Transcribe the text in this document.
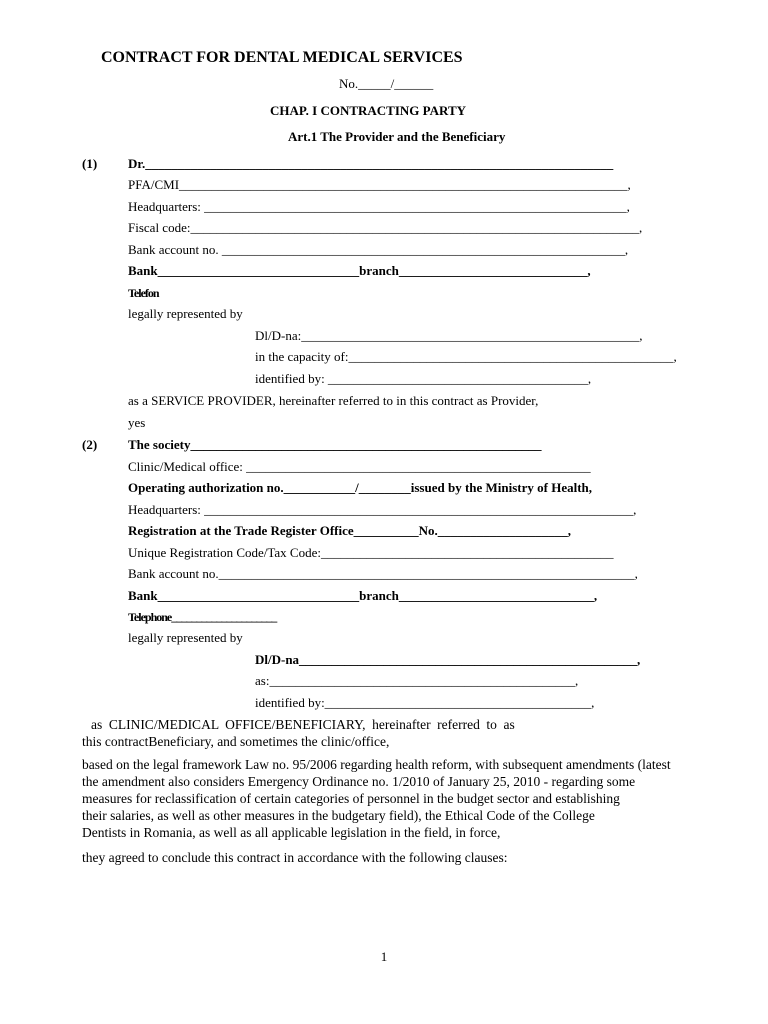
CONTRACT FOR DENTAL MEDICAL SERVICES
No._____/______
CHAP. I CONTRACTING PARTY
Art.1 The Provider and the Beneficiary
(1) Dr.________________________________________________________________________
PFA/CMI_____________________________________________________________________,
Headquarters: _________________________________________________________________,
Fiscal code:_____________________________________________________________________,
Bank account no. ______________________________________________________________,
Bank_______________________________branch_____________________________,
Telefon
legally represented by
Dl/D-na:____________________________________________________,
in the capacity of:__________________________________________________,
identified by: ________________________________________,
as a SERVICE PROVIDER, hereinafter referred to in this contract as Provider,
yes
(2) The society______________________________________________________
Clinic/Medical office: _____________________________________________________
Operating authorization no.___________/________issued by the Ministry of Health,
Headquarters: __________________________________________________________________,
Registration at the Trade Register Office__________No.____________________,
Unique Registration Code/Tax Code:_____________________________________________
Bank account no.________________________________________________________________,
Bank_______________________________branch______________________________,
Telephone_____________________
legally represented by
Dl/D-na____________________________________________________,
as:_______________________________________________,
identified by:_________________________________________,
as CLINIC/MEDICAL OFFICE/BENEFICIARY, hereinafter referred to as
this contractBeneficiary, and sometimes the clinic/office,
based on the legal framework Law no. 95/2006 regarding health reform, with subsequent amendments (latest
the amendment also considers Emergency Ordinance no. 1/2010 of January 25, 2010 - regarding some
measures for reclassification of certain categories of personnel in the budget sector and establishing
their salaries, as well as other measures in the budgetary field), the Ethical Code of the College
Dentists in Romania, as well as all applicable legislation in the field, in force,
they agreed to conclude this contract in accordance with the following clauses:
1
